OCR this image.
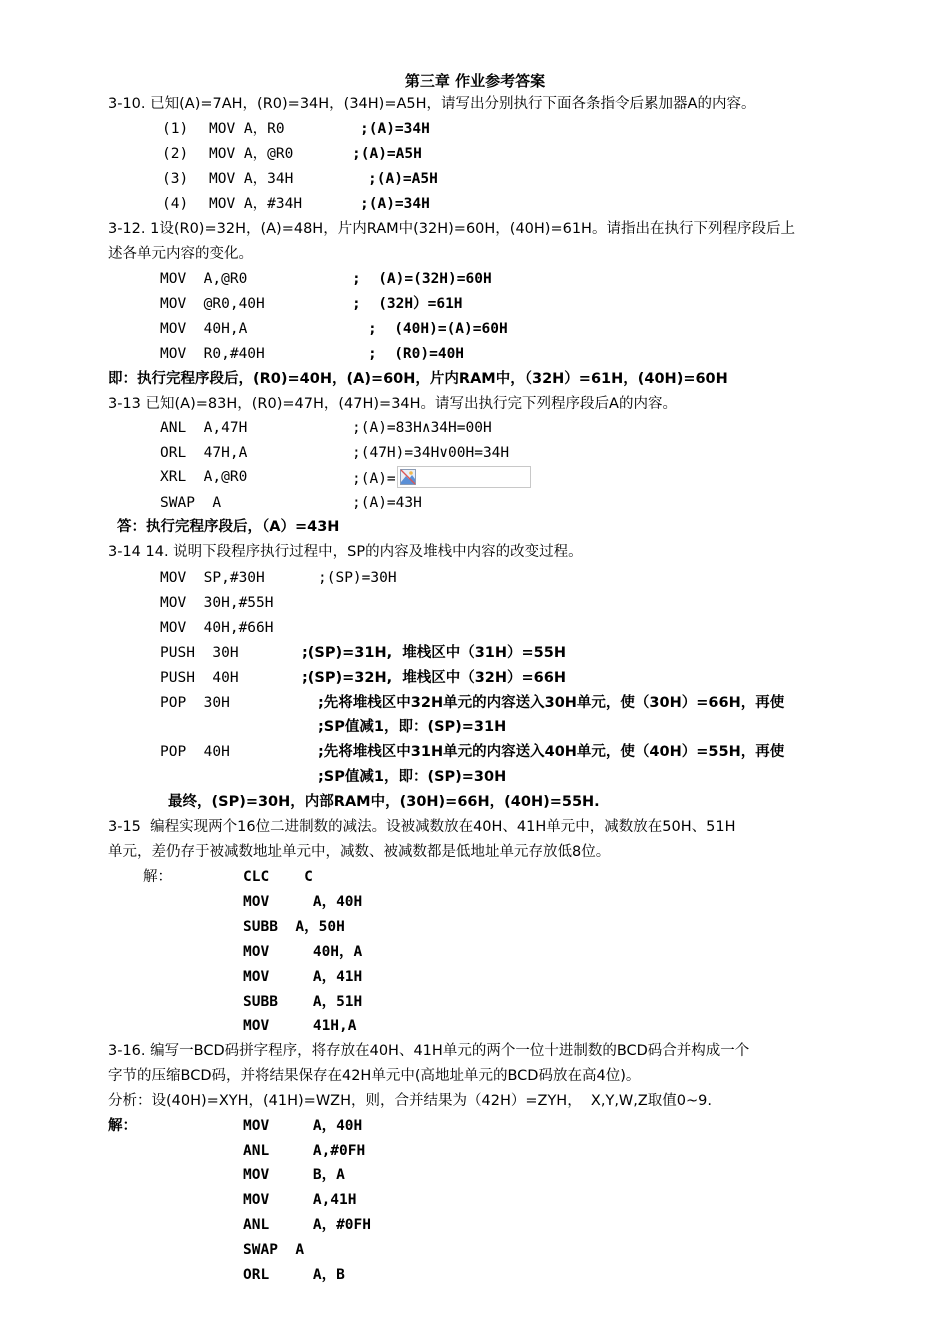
第三章 作业参考答案
3-10. 已知(A)=7AH，(R0)=34H，(34H)=A5H，请写出分别执行下面各条指令后累加器A的内容。
(1) MOV A，R0	;(A)=34H
(2) MOV A，@R0	;(A)=A5H
(3) MOV A，34H	;(A)=A5H
(4) MOV A，#34H	;(A)=34H
3-12. 1设(R0)=32H，(A)=48H，片内RAM中(32H)=60H，(40H)=61H。请指出在执行下列程序段后上
述各单元内容的变化。
MOV  A,@R0	;  (A)=(32H)=60H
MOV  @R0,40H	;  (32H）=61H
MOV  40H,A	;  (40H)=(A)=60H
MOV  R0,#40H	;  (R0)=40H
即：执行完程序段后，(R0)=40H，(A)=60H，片内RAM中，（32H）=61H，(40H)=60H
3-13 已知(A)=83H，(R0)=47H，(47H)=34H。请写出执行完下列程序段后A的内容。
ANL  A,47H	;(A)=83H∧34H=00H
ORL  47H,A	;(47H)=34H∨00H=34H
XRL  A,@R0	;(A)=
SWAP  A	;(A)=43H
答：执行完程序段后，（A）=43H
3-14 14. 说明下段程序执行过程中，SP的内容及堆栈中内容的改变过程。
MOV  SP,#30H	;(SP)=30H
MOV  30H,#55H
MOV  40H,#66H
PUSH  30H	;(SP)=31H,  堆栈区中（31H）=55H
PUSH  40H	;(SP)=32H,  堆栈区中（32H）=66H
POP  30H	;先将堆栈区中32H单元的内容送入30H单元，使（30H）=66H，再使
;SP值减1，即：(SP)=31H
POP  40H	;先将堆栈区中31H单元的内容送入40H单元，使（40H）=55H，再使
;SP值减1，即：(SP)=30H
最终，(SP)=30H，内部RAM中，(30H)=66H，(40H)=55H.
3-15  编程实现两个16位二进制数的减法。设被减数放在40H、41H单元中，减数放在50H、51H
单元，差仍存于被减数地址单元中，减数、被减数都是低地址单元存放低8位。
解：	CLC    C
MOV     A，40H
SUBB  A，50H
MOV     40H，A
MOV     A，41H
SUBB    A，51H
MOV     41H,A
3-16. 编写一BCD码拼字程序，将存放在40H、41H单元的两个一位十进制数的BCD码合并构成一个
字节的压缩BCD码，并将结果保存在42H单元中(高地址单元的BCD码放在高4位)。
分析：设(40H)=XYH，(41H)=WZH，则，合并结果为（42H）=ZYH，  X,Y,W,Z取值0~9.
解：	MOV     A，40H
ANL     A,#0FH
MOV     B，A
MOV     A,41H
ANL     A，#0FH
SWAP  A
ORL     A，B
